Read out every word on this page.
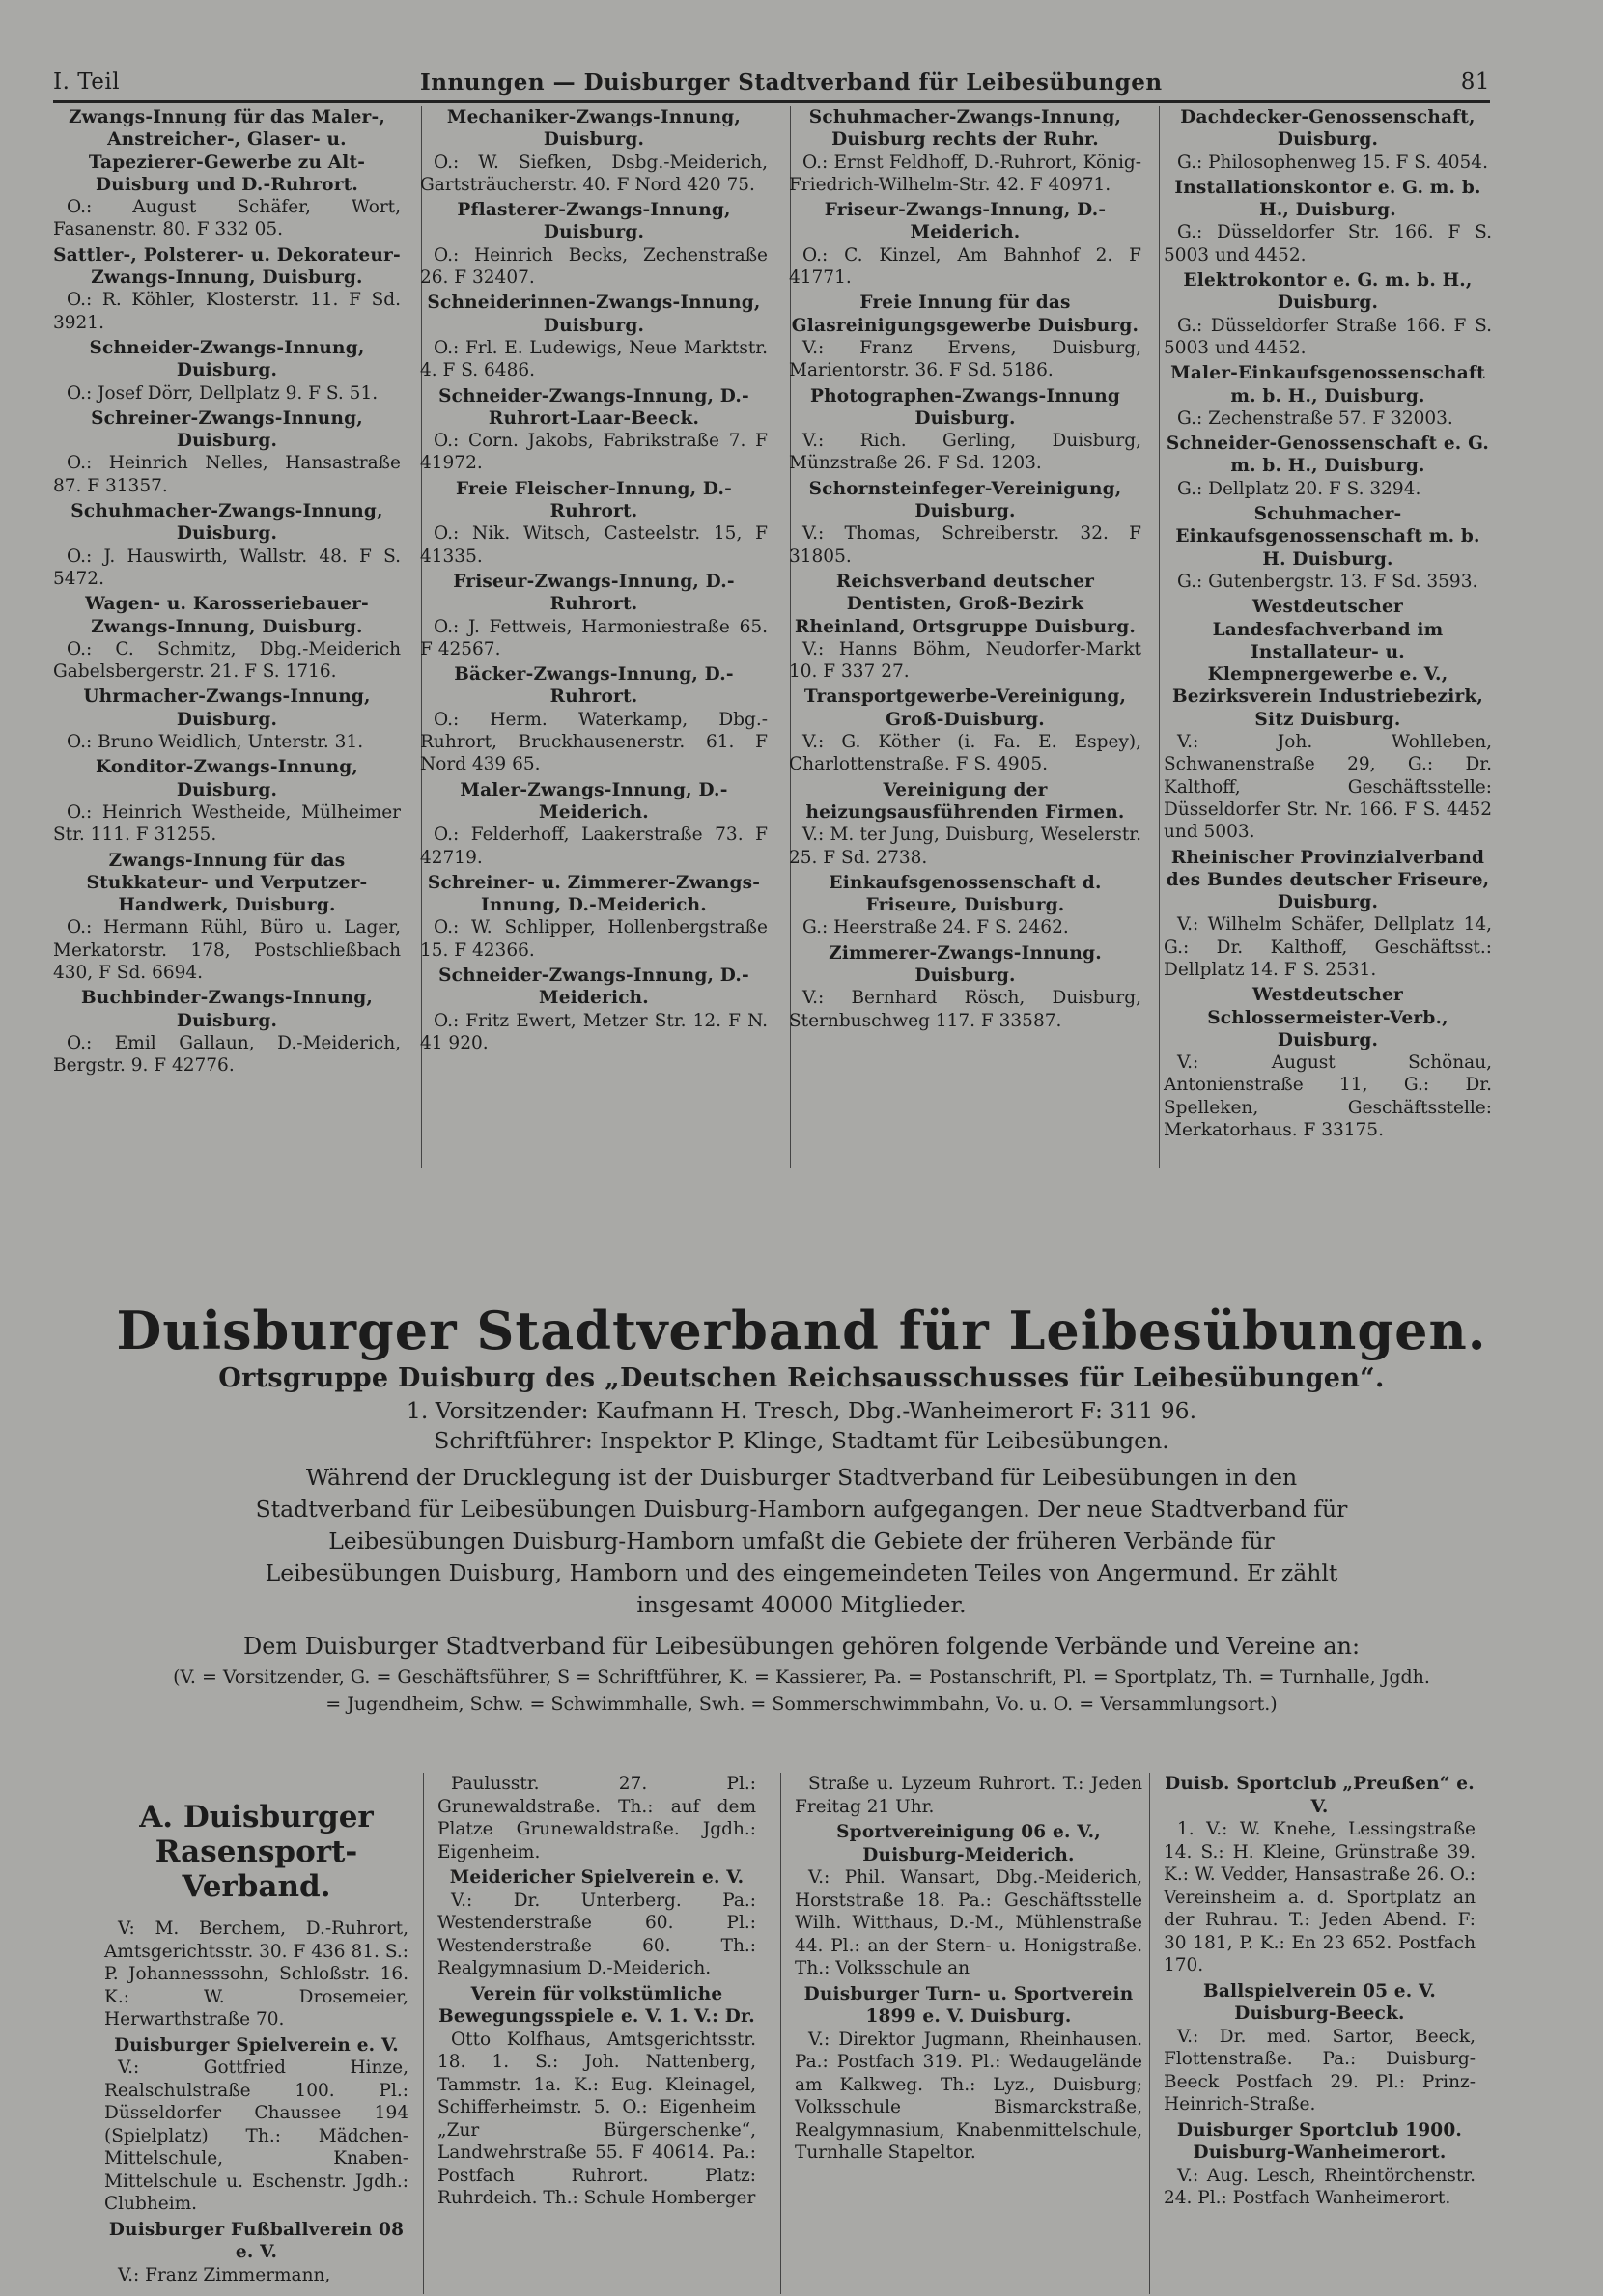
I. Teil	Innungen — Duisburger Stadtverband für Leibesübungen	81
Zwangs-Innung für das Maler-, Anstreicher-, Glaser- u. Tapezierer-Gewerbe zu Alt-Duisburg und D.-Ruhrort.
O.: August Schäfer, Wort, Fasanenstr. 80. F 332 05.
Sattler-, Polsterer- u. Dekorateur-Zwangs-Innung, Duisburg.
O.: R. Köhler, Klosterstr. 11. F Sd. 3921.
Schneider-Zwangs-Innung, Duisburg.
O.: Josef Dörr, Dellplatz 9. F S. 51.
Schreiner-Zwangs-Innung, Duisburg.
O.: Heinrich Nelles, Hansastraße 87. F 31357.
Schuhmacher-Zwangs-Innung, Duisburg.
O.: J. Hauswirth, Wallstr. 48. F S. 5472.
Wagen- u. Karosseriebauer-Zwangs-Innung, Duisburg.
O.: C. Schmitz, Dbg.-Meiderich Gabelsbergerstr. 21. F S. 1716.
Uhrmacher-Zwangs-Innung, Duisburg.
O.: Bruno Weidlich, Unterstr. 31.
Konditor-Zwangs-Innung, Duisburg.
O.: Heinrich Westheide, Mülheimer Str. 111. F 31255.
Zwangs-Innung für das Stukkateur- und Verputzer-Handwerk, Duisburg.
O.: Hermann Rühl, Büro u. Lager, Merkatorstr. 178, Postschließbach 430, F Sd. 6694.
Buchbinder-Zwangs-Innung, Duisburg.
O.: Emil Gallaun, D.-Meiderich, Bergstr. 9. F 42776.
Mechaniker-Zwangs-Innung, Duisburg.
O.: W. Siefken, Dsbg.-Meiderich, Gartsträucherstr. 40. F Nord 420 75.
Pflasterer-Zwangs-Innung, Duisburg.
O.: Heinrich Becks, Zechenstraße 26. F 32407.
Schneiderinnen-Zwangs-Innung, Duisburg.
O.: Frl. E. Ludewigs, Neue Marktstr. 4. F S. 6486.
Schneider-Zwangs-Innung, D.-Ruhrort-Laar-Beeck.
O.: Corn. Jakobs, Fabrikstraße 7. F 41972.
Freie Fleischer-Innung, D.-Ruhrort.
O.: Nik. Witsch, Casteelstr. 15, F 41335.
Friseur-Zwangs-Innung, D.-Ruhrort.
O.: J. Fettweis, Harmoniestraße 65. F 42567.
Bäcker-Zwangs-Innung, D.-Ruhrort.
O.: Herm. Waterkamp, Dbg.-Ruhrort, Bruckhausenerstr. 61. F Nord 439 65.
Maler-Zwangs-Innung, D.-Meiderich.
O.: Felderhoff, Laakerstraße 73. F 42719.
Schreiner- u. Zimmerer-Zwangs-Innung, D.-Meiderich.
O.: W. Schlipper, Hollenbergstraße 15. F 42366.
Schneider-Zwangs-Innung, D.-Meiderich.
O.: Fritz Ewert, Metzer Str. 12. F N. 41 920.
Schuhmacher-Zwangs-Innung, Duisburg rechts der Ruhr.
O.: Ernst Feldhoff, D.-Ruhrort, König-Friedrich-Wilhelm-Str. 42. F 40971.
Friseur-Zwangs-Innung, D.-Meiderich.
O.: C. Kinzel, Am Bahnhof 2. F 41771.
Freie Innung für das Glasreinigungsgewerbe Duisburg.
V.: Franz Ervens, Duisburg, Marientorstr. 36. F Sd. 5186.
Photographen-Zwangs-Innung Duisburg.
V.: Rich. Gerling, Duisburg, Münzstraße 26. F Sd. 1203.
Schornsteinfeger-Vereinigung, Duisburg.
V.: Thomas, Schreiberstr. 32. F 31805.
Reichsverband deutscher Dentisten, Groß-Bezirk Rheinland, Ortsgruppe Duisburg.
V.: Hanns Böhm, Neudorfer-Markt 10. F 337 27.
Transportgewerbe-Vereinigung, Groß-Duisburg.
V.: G. Köther (i. Fa. E. Espey), Charlottenstraße. F S. 4905.
Vereinigung der heizungsausführenden Firmen.
V.: M. ter Jung, Duisburg, Weselerstr. 25. F Sd. 2738.
Einkaufsgenossenschaft d. Friseure, Duisburg.
G.: Heerstraße 24. F S. 2462.
Zimmerer-Zwangs-Innung. Duisburg.
V.: Bernhard Rösch, Duisburg, Sternbuschweg 117. F 33587.
Dachdecker-Genossenschaft, Duisburg.
G.: Philosophenweg 15. F S. 4054.
Installationskontor e. G. m. b. H., Duisburg.
G.: Düsseldorfer Str. 166. F S. 5003 und 4452.
Elektrokontor e. G. m. b. H., Duisburg.
G.: Düsseldorfer Straße 166. F S. 5003 und 4452.
Maler-Einkaufsgenossenschaft m. b. H., Duisburg.
G.: Zechenstraße 57. F 32003.
Schneider-Genossenschaft e. G. m. b. H., Duisburg.
G.: Dellplatz 20. F S. 3294.
Schuhmacher-Einkaufsgenossenschaft m. b. H. Duisburg.
G.: Gutenbergstr. 13. F Sd. 3593.
Westdeutscher Landesfachverband im Installateur- u. Klempnergewerbe e. V., Bezirksverein Industriebezirk, Sitz Duisburg.
V.: Joh. Wohlleben, Schwanenstraße 29, G.: Dr. Kalthoff, Geschäftsstelle: Düsseldorfer Str. Nr. 166. F S. 4452 und 5003.
Rheinischer Provinzialverband des Bundes deutscher Friseure, Duisburg.
V.: Wilhelm Schäfer, Dellplatz 14, G.: Dr. Kalthoff, Geschäftsst.: Dellplatz 14. F S. 2531.
Westdeutscher Schlossermeister-Verb., Duisburg.
V.: August Schönau, Antonienstraße 11, G.: Dr. Spelleken, Geschäftsstelle: Merkatorhaus. F 33175.
Duisburger Stadtverband für Leibesübungen.
Ortsgruppe Duisburg des „Deutschen Reichsausschusses für Leibesübungen“.
1. Vorsitzender: Kaufmann H. Tresch, Dbg.-Wanheimerort F: 311 96.
Schriftführer: Inspektor P. Klinge, Stadtamt für Leibesübungen.
Während der Drucklegung ist der Duisburger Stadtverband für Leibesübungen in den Stadtverband für Leibesübungen Duisburg-Hamborn aufgegangen. Der neue Stadtverband für Leibesübungen Duisburg-Hamborn umfaßt die Gebiete der früheren Verbände für Leibesübungen Duisburg, Hamborn und des eingemeindeten Teiles von Angermund. Er zählt insgesamt 40000 Mitglieder.
Dem Duisburger Stadtverband für Leibesübungen gehören folgende Verbände und Vereine an:
(V. = Vorsitzender, G. = Geschäftsführer, S = Schriftführer, K. = Kassierer, Pa. = Postanschrift, Pl. = Sportplatz, Th. = Turnhalle, Jgdh. = Jugendheim, Schw. = Schwimmhalle, Swh. = Sommerschwimmbahn, Vo. u. O. = Versammlungsort.)
A. Duisburger Rasensport-Verband.
V: M. Berchem, D.-Ruhrort, Amtsgerichtsstr. 30. F 436 81. S.: P. Johannesssohn, Schloßstr. 16. K.: W. Drosemeier, Herwarthstraße 70.
Duisburger Spielverein e. V.
V.: Gottfried Hinze, Realschulstraße 100. Pl.: Düsseldorfer Chaussee 194 (Spielplatz) Th.: Mädchen-Mittelschule, Knaben-Mittelschule u. Eschenstr. Jgdh.: Clubheim.
Duisburger Fußballverein 08 e. V.
V.: Franz Zimmermann,
Paulusstr. 27. Pl.: Grunewaldstraße. Th.: auf dem Platze Grunewaldstraße. Jgdh.: Eigenheim.
Meidericher Spielverein e. V.
V.: Dr. Unterberg. Pa.: Westenderstraße 60. Pl.: Westenderstraße 60. Th.: Realgymnasium D.-Meiderich.
Verein für volkstümliche Bewegungsspiele e. V. 1. V.: Dr.
Otto Kolfhaus, Amtsgerichtsstr. 18. 1. S.: Joh. Nattenberg, Tammstr. 1a. K.: Eug. Kleinagel, Schifferheimstr. 5. O.: Eigenheim „Zur Bürgerschenke“, Landwehrstraße 55. F 40614. Pa.: Postfach Ruhrort. Platz: Ruhrdeich. Th.: Schule Homberger
Straße u. Lyzeum Ruhrort. T.: Jeden Freitag 21 Uhr.
Sportvereinigung 06 e. V., Duisburg-Meiderich.
V.: Phil. Wansart, Dbg.-Meiderich, Horststraße 18. Pa.: Geschäftsstelle Wilh. Witthaus, D.-M., Mühlenstraße 44. Pl.: an der Stern- u. Honigstraße. Th.: Volksschule an
Duisburger Turn- u. Sportverein 1899 e. V. Duisburg.
V.: Direktor Jugmann, Rheinhausen. Pa.: Postfach 319. Pl.: Wedaugelände am Kalkweg. Th.: Lyz., Duisburg; Volksschule Bismarckstraße, Realgymnasium, Knabenmittelschule, Turnhalle Stapeltor.
Duisb. Sportclub „Preußen“ e. V.
1. V.: W. Knehe, Lessingstraße 14. S.: H. Kleine, Grünstraße 39. K.: W. Vedder, Hansastraße 26. O.: Vereinsheim a. d. Sportplatz an der Ruhrau. T.: Jeden Abend. F: 30 181, P. K.: En 23 652. Postfach 170.
Ballspielverein 05 e. V. Duisburg-Beeck.
V.: Dr. med. Sartor, Beeck, Flottenstraße. Pa.: Duisburg-Beeck Postfach 29. Pl.: Prinz-Heinrich-Straße.
Duisburger Sportclub 1900. Duisburg-Wanheimerort.
V.: Aug. Lesch, Rheintörchenstr. 24. Pl.: Postfach Wanheimerort.
